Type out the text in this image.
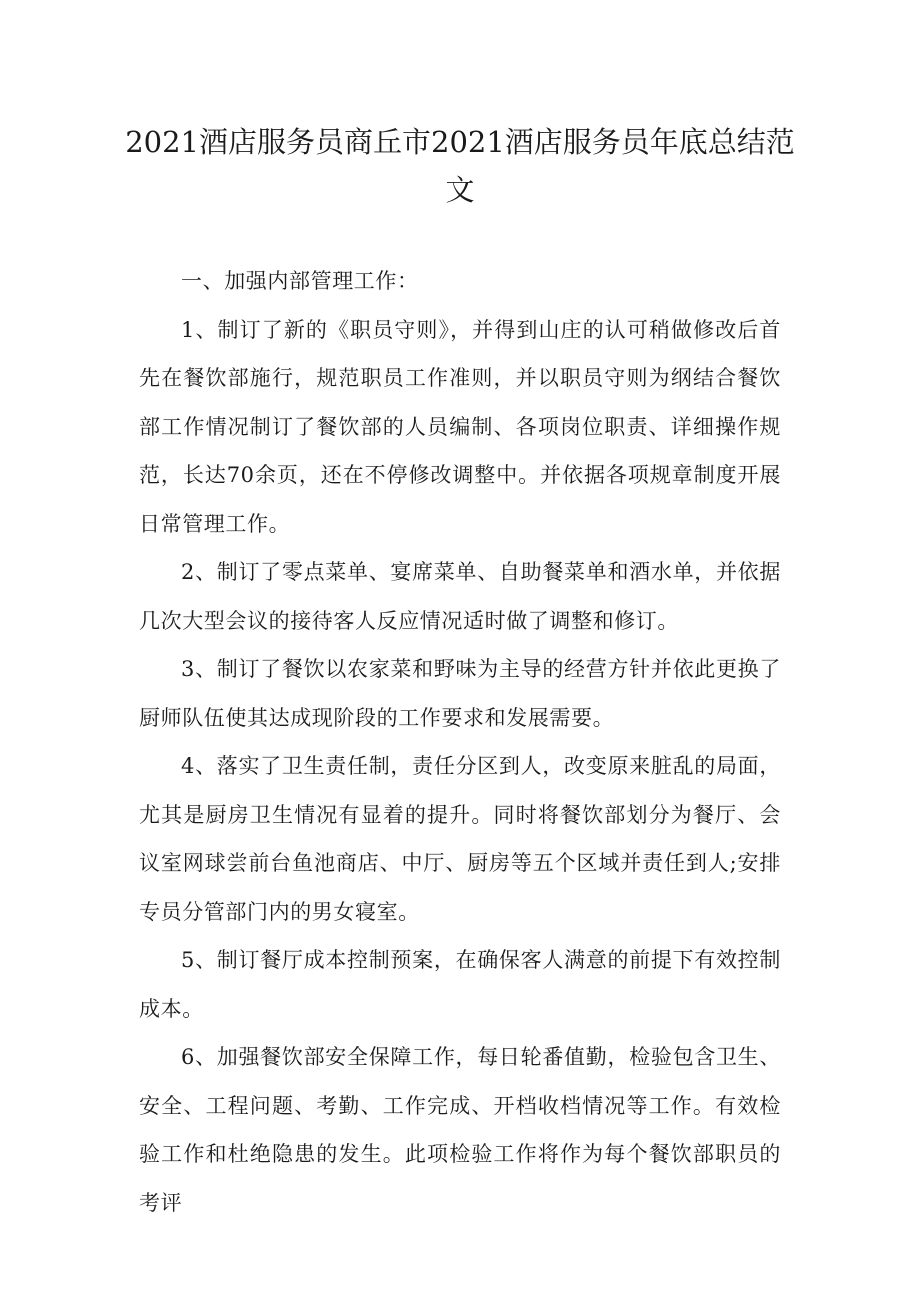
2021酒店服务员商丘市2021酒店服务员年底总结范文

一、加强内部管理工作：

1、制订了新的《职员守则》，并得到山庄的认可稍做修改后首先在餐饮部施行，规范职员工作准则，并以职员守则为纲结合餐饮部工作情况制订了餐饮部的人员编制、各项岗位职责、详细操作规范，长达70余页，还在不停修改调整中。并依据各项规章制度开展日常管理工作。

2、制订了零点菜单、宴席菜单、自助餐菜单和酒水单，并依据几次大型会议的接待客人反应情况适时做了调整和修订。

3、制订了餐饮以农家菜和野味为主导的经营方针并依此更换了厨师队伍使其达成现阶段的工作要求和发展需要。

4、落实了卫生责任制，责任分区到人，改变原来脏乱的局面，尤其是厨房卫生情况有显着的提升。同时将餐饮部划分为餐厅、会议室网球尝前台鱼池商店、中厅、厨房等五个区域并责任到人;安排专员分管部门内的男女寝室。

5、制订餐厅成本控制预案，在确保客人满意的前提下有效控制成本。

6、加强餐饮部安全保障工作，每日轮番值勤，检验包含卫生、安全、工程问题、考勤、工作完成、开档收档情况等工作。有效检验工作和杜绝隐患的发生。此项检验工作将作为每个餐饮部职员的考评
